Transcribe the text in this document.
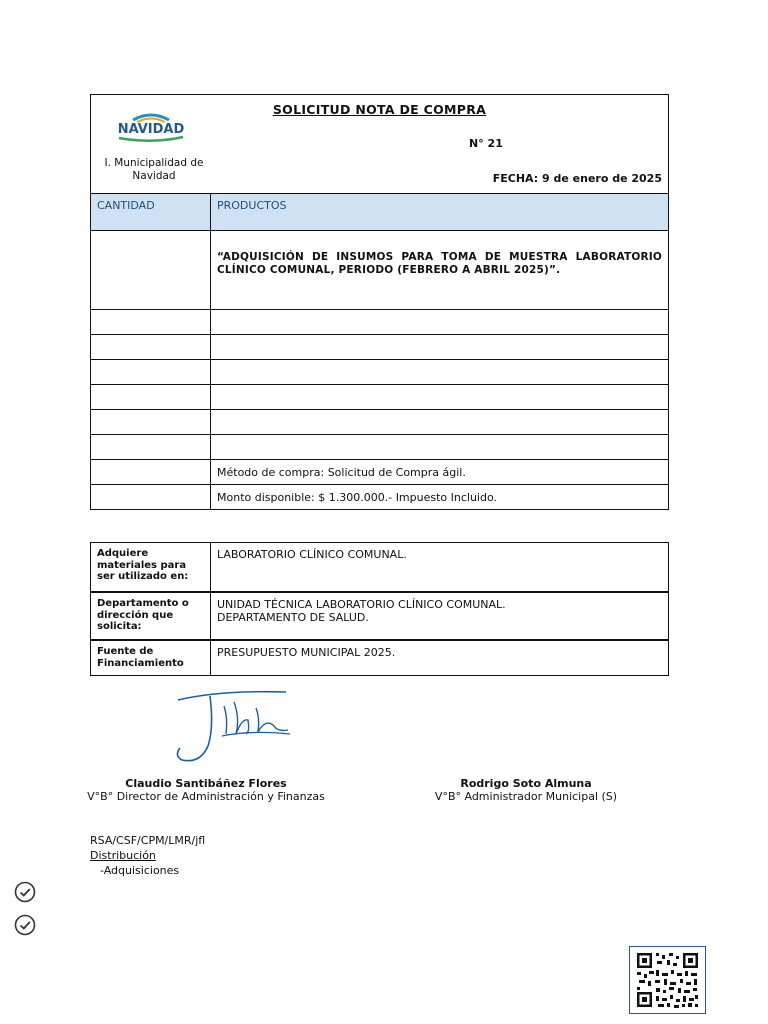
SOLICITUD NOTA DE COMPRA
NAVIDAD
I. Municipalidad de Navidad
N° 21
FECHA: 9 de enero de 2025
CANTIDAD	PRODUCTOS
“ADQUISICIÓN DE INSUMOS PARA TOMA DE MUESTRA LABORATORIO CLÍNICO COMUNAL, PERIODO (FEBRERO A ABRIL 2025)”.
Método de compra: Solicitud de Compra ágil.
Monto disponible: $ 1.300.000.- Impuesto Incluido.
Adquiere materiales para ser utilizado en:
LABORATORIO CLÍNICO COMUNAL.
Departamento o dirección que solicita:
UNIDAD TÉCNICA LABORATORIO CLÍNICO COMUNAL.
DEPARTAMENTO DE SALUD.
Fuente de Financiamiento
PRESUPUESTO MUNICIPAL 2025.
Claudio Santibáñez Flores
V°B° Director de Administración y Finanzas
Rodrigo Soto Almuna
V°B° Administrador Municipal (S)
RSA/CSF/CPM/LMR/jfl
Distribución
-Adquisiciones
